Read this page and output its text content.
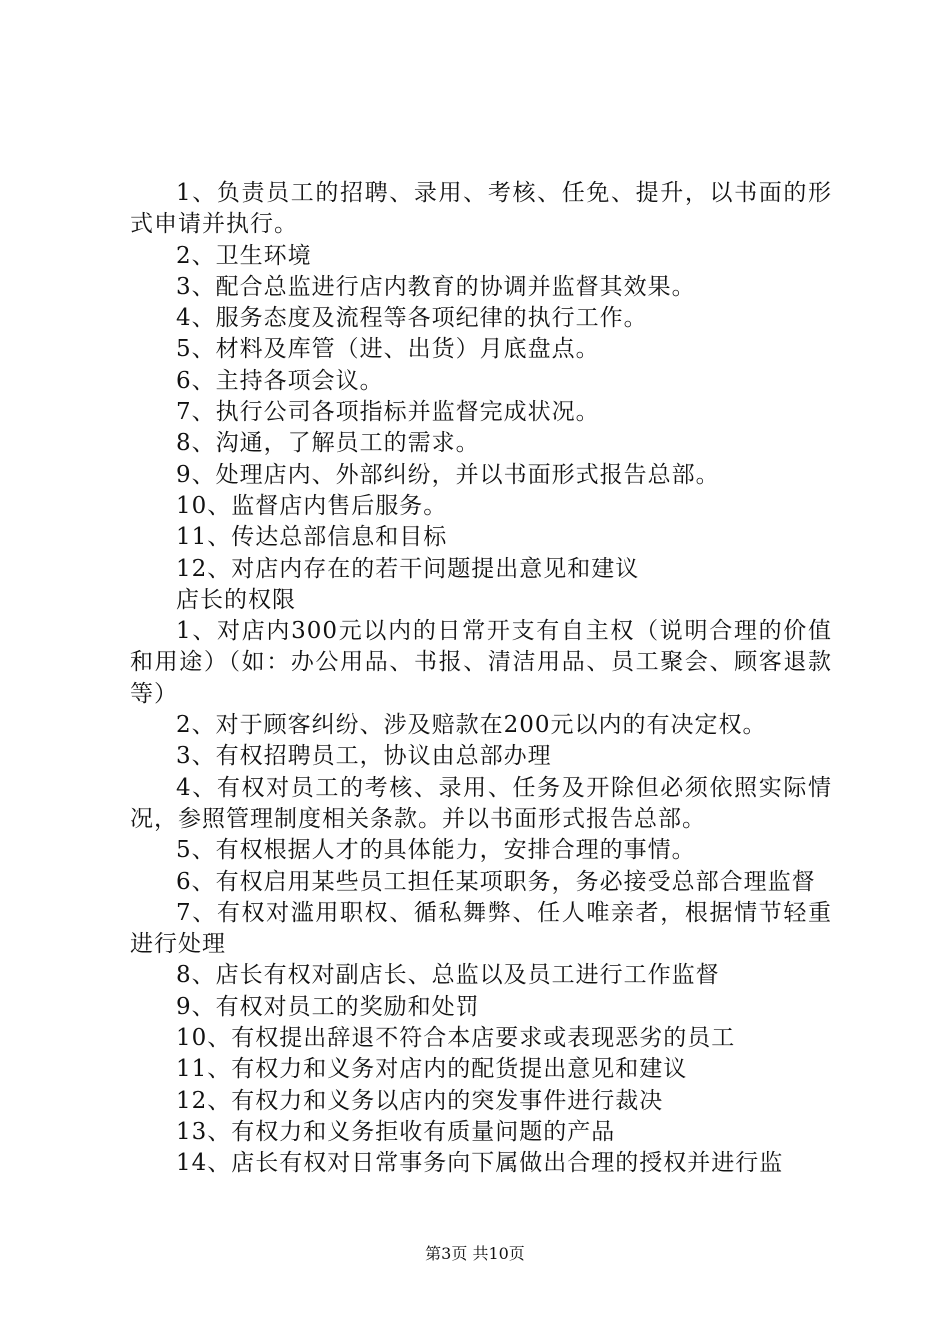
1、负责员工的招聘、录用、考核、任免、提升，以书面的形式申请并执行。

2、卫生环境

3、配合总监进行店内教育的协调并监督其效果。

4、服务态度及流程等各项纪律的执行工作。

5、材料及库管（进、出货）月底盘点。

6、主持各项会议。

7、执行公司各项指标并监督完成状况。

8、沟通，了解员工的需求。

9、处理店内、外部纠纷，并以书面形式报告总部。

10、监督店内售后服务。

11、传达总部信息和目标

12、对店内存在的若干问题提出意见和建议

店长的权限

1、对店内300元以内的日常开支有自主权（说明合理的价值和用途）（如：办公用品、书报、清洁用品、员工聚会、顾客退款等）

2、对于顾客纠纷、涉及赔款在200元以内的有决定权。

3、有权招聘员工，协议由总部办理

4、有权对员工的考核、录用、任务及开除但必须依照实际情况，参照管理制度相关条款。并以书面形式报告总部。

5、有权根据人才的具体能力，安排合理的事情。

6、有权启用某些员工担任某项职务，务必接受总部合理监督

7、有权对滥用职权、循私舞弊、任人唯亲者，根据情节轻重进行处理

8、店长有权对副店长、总监以及员工进行工作监督

9、有权对员工的奖励和处罚

10、有权提出辞退不符合本店要求或表现恶劣的员工

11、有权力和义务对店内的配货提出意见和建议

12、有权力和义务以店内的突发事件进行裁决

13、有权力和义务拒收有质量问题的产品

14、店长有权对日常事务向下属做出合理的授权并进行监

第3页 共10页
